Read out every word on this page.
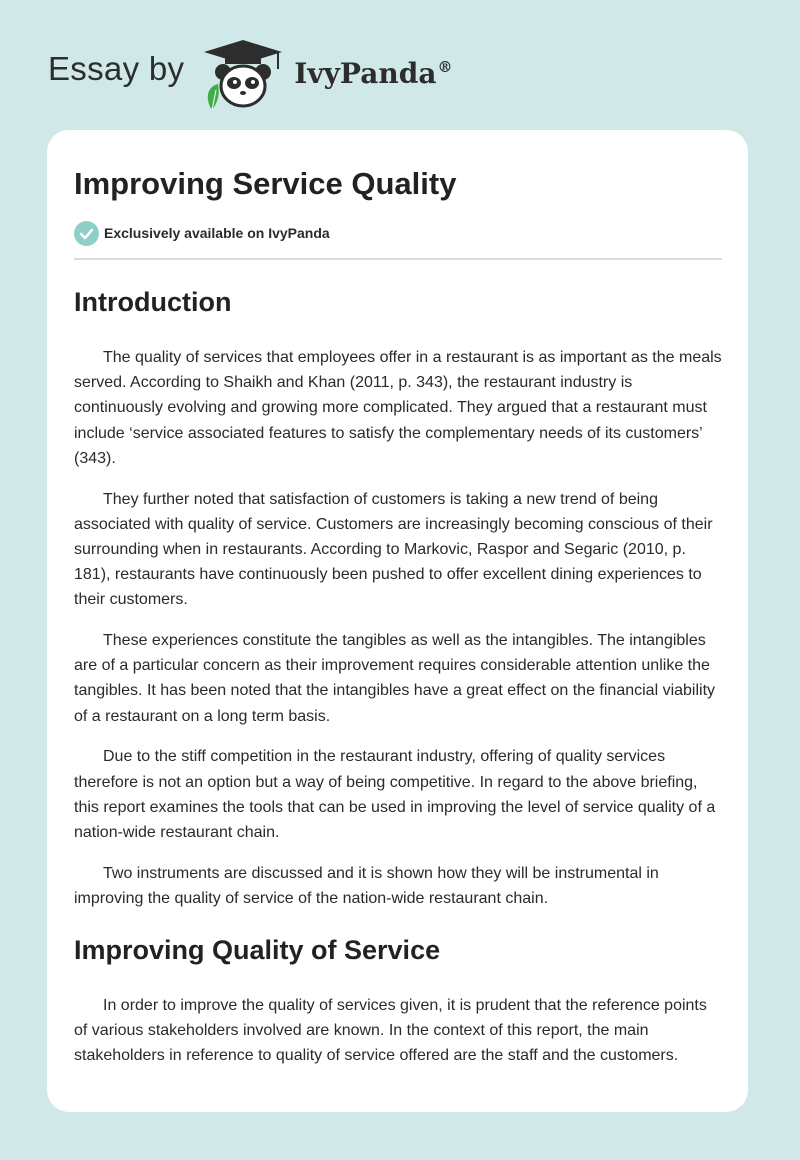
Essay by	IvyPanda®
Improving Service Quality
Exclusively available on IvyPanda
Introduction

The quality of services that employees offer in a restaurant is as important as the meals served. According to Shaikh and Khan (2011, p. 343), the restaurant industry is continuously evolving and growing more complicated. They argued that a restaurant must include ‘service associated features to satisfy the complementary needs of its customers’ (343).

They further noted that satisfaction of customers is taking a new trend of being associated with quality of service. Customers are increasingly becoming conscious of their surrounding when in restaurants. According to Markovic, Raspor and Segaric (2010, p. 181), restaurants have continuously been pushed to offer excellent dining experiences to their customers.

These experiences constitute the tangibles as well as the intangibles. The intangibles are of a particular concern as their improvement requires considerable attention unlike the tangibles. It has been noted that the intangibles have a great effect on the financial viability of a restaurant on a long term basis.

Due to the stiff competition in the restaurant industry, offering of quality services therefore is not an option but a way of being competitive. In regard to the above briefing, this report examines the tools that can be used in improving the level of service quality of a nation-wide restaurant chain.

Two instruments are discussed and it is shown how they will be instrumental in improving the quality of service of the nation-wide restaurant chain.

Improving Quality of Service

In order to improve the quality of services given, it is prudent that the reference points of various stakeholders involved are known. In the context of this report, the main stakeholders in reference to quality of service offered are the staff and the customers.
